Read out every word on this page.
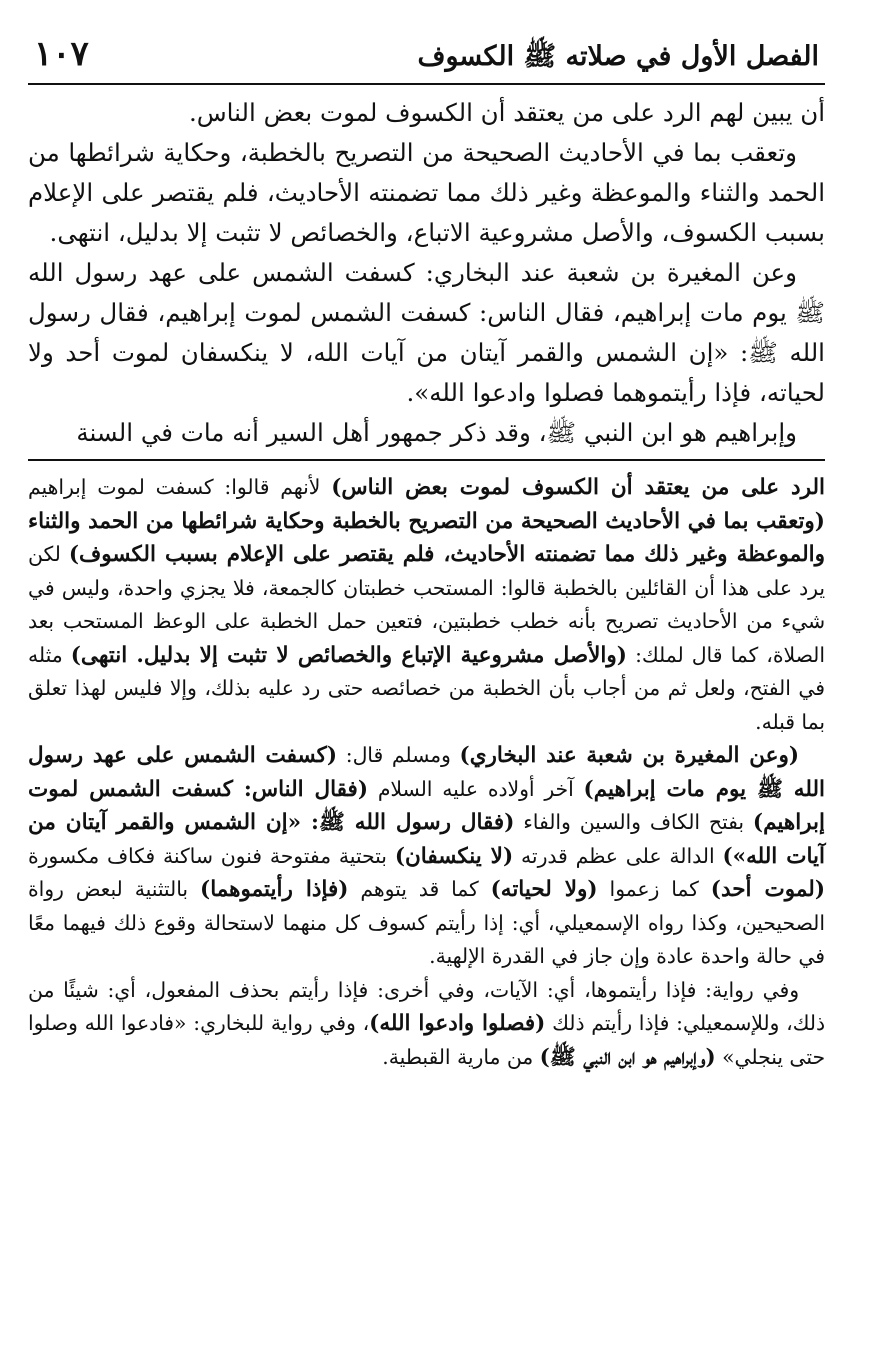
١٠٧	الفصل الأول في صلاته ﷺ الكسوف

أن يبين لهم الرد على من يعتقد أن الكسوف لموت بعض الناس.

وتعقب بما في الأحاديث الصحيحة من التصريح بالخطبة، وحكاية شرائطها من الحمد والثناء والموعظة وغير ذلك مما تضمنته الأحاديث، فلم يقتصر على الإعلام بسبب الكسوف، والأصل مشروعية الاتباع، والخصائص لا تثبت إلا بدليل، انتهى.

وعن المغيرة بن شعبة عند البخاري: كسفت الشمس على عهد رسول الله ﷺ يوم مات إبراهيم، فقال الناس: كسفت الشمس لموت إبراهيم، فقال رسول الله ﷺ: «إن الشمس والقمر آيتان من آيات الله، لا ينكسفان لموت أحد ولا لحياته، فإذا رأيتموهما فصلوا وادعوا الله».

وإبراهيم هو ابن النبي ﷺ، وقد ذكر جمهور أهل السير أنه مات في السنة

الرد على من يعتقد أن الكسوف لموت بعض الناس) لأنهم قالوا: كسفت لموت إبراهيم (وتعقب بما في الأحاديث الصحيحة من التصريح بالخطبة وحكاية شرائطها من الحمد والثناء والموعظة وغير ذلك مما تضمنته الأحاديث، فلم يقتصر على الإعلام بسبب الكسوف) لكن يرد على هذا أن القائلين بالخطبة قالوا: المستحب خطبتان كالجمعة، فلا يجزي واحدة، وليس في شيء من الأحاديث تصريح بأنه خطب خطبتين، فتعين حمل الخطبة على الوعظ المستحب بعد الصلاة، كما قال لملك: (والأصل مشروعية الإتباع والخصائص لا تثبت إلا بدليل. انتهى) مثله في الفتح، ولعل ثم من أجاب بأن الخطبة من خصائصه حتى رد عليه بذلك، وإلا فليس لهذا تعلق بما قبله.

(وعن المغيرة بن شعبة عند البخاري) ومسلم قال: (كسفت الشمس على عهد رسول الله ﷺ يوم مات إبراهيم) آخر أولاده عليه السلام (فقال الناس: كسفت الشمس لموت إبراهيم) بفتح الكاف والسين والفاء (فقال رسول الله ﷺ: «إن الشمس والقمر آيتان من آيات الله») الدالة على عظم قدرته (لا ينكسفان) بتحتية مفتوحة فنون ساكنة فكاف مكسورة (لموت أحد) كما زعموا (ولا لحياته) كما قد يتوهم (فإذا رأيتموهما) بالتثنية لبعض رواة الصحيحين، وكذا رواه الإسمعيلي، أي: إذا رأيتم كسوف كل منهما لاستحالة وقوع ذلك فيهما معًا في حالة واحدة عادة وإن جاز في القدرة الإلهية.

وفي رواية: فإذا رأيتموها، أي: الآيات، وفي أخرى: فإذا رأيتم بحذف المفعول، أي: شيئًا من ذلك، وللإسمعيلي: فإذا رأيتم ذلك (فصلوا وادعوا الله)، وفي رواية للبخاري: «فادعوا الله وصلوا حتى ينجلي» (وإبراهيم هو ابن النبي ﷺ) من مارية القبطية.
